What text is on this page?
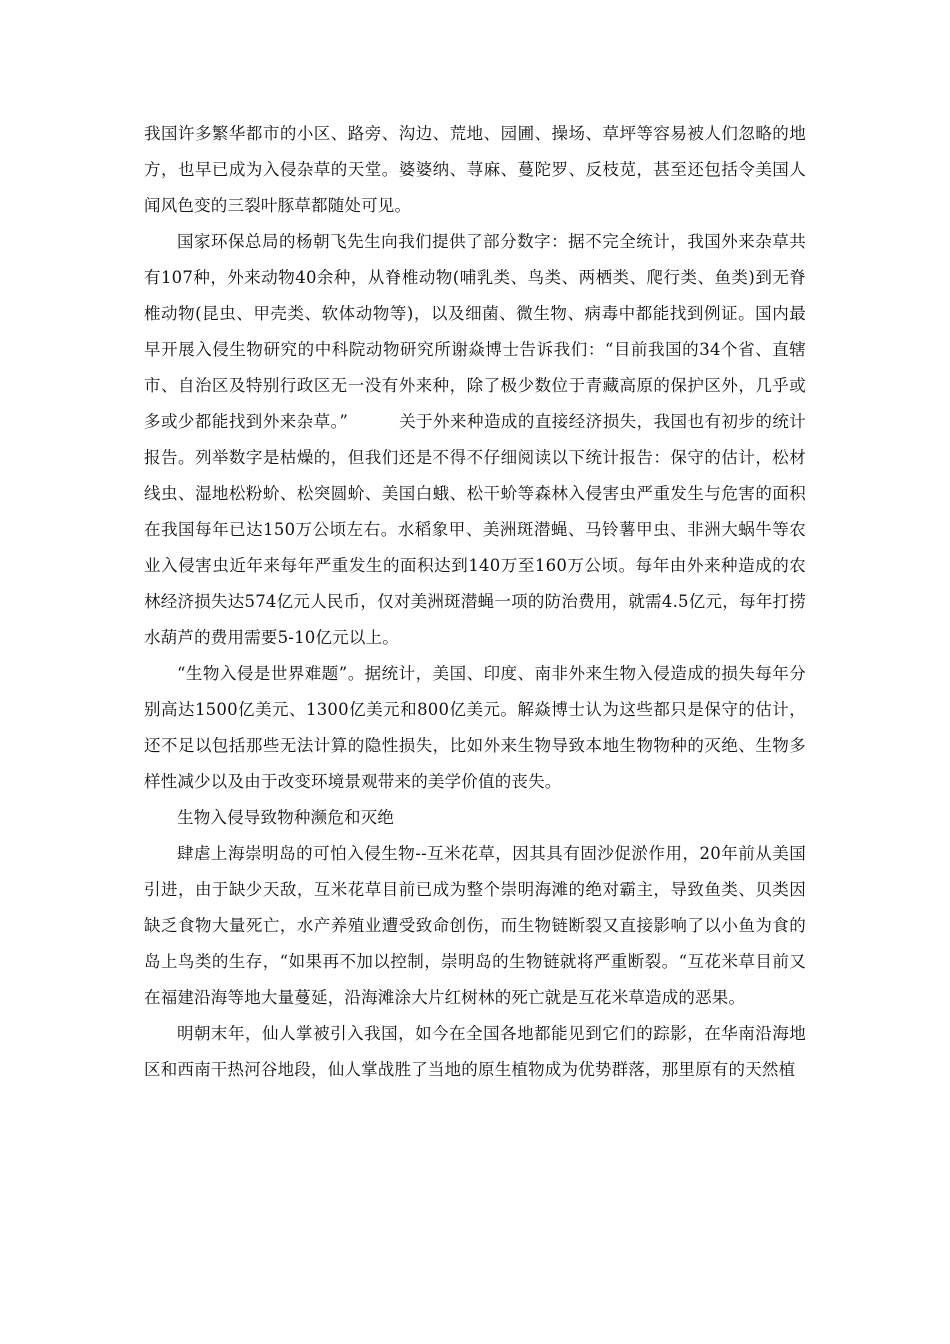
我国许多繁华都市的小区、路旁、沟边、荒地、园圃、操场、草坪等容易被人们忽略的地方，也早已成为入侵杂草的天堂。婆婆纳、荨麻、蔓陀罗、反枝苋，甚至还包括令美国人闻风色变的三裂叶豚草都随处可见。

国家环保总局的杨朝飞先生向我们提供了部分数字：据不完全统计，我国外来杂草共有107种，外来动物40余种，从脊椎动物(哺乳类、鸟类、两栖类、爬行类、鱼类)到无脊椎动物(昆虫、甲壳类、软体动物等)，以及细菌、微生物、病毒中都能找到例证。国内最早开展入侵生物研究的中科院动物研究所谢焱博士告诉我们：“目前我国的34个省、直辖市、自治区及特别行政区无一没有外来种，除了极少数位于青藏高原的保护区外，几乎或多或少都能找到外来杂草。”　　　关于外来种造成的直接经济损失，我国也有初步的统计报告。列举数字是枯燥的，但我们还是不得不仔细阅读以下统计报告：保守的估计，松材线虫、湿地松粉蚧、松突圆蚧、美国白蛾、松干蚧等森林入侵害虫严重发生与危害的面积在我国每年已达150万公顷左右。水稻象甲、美洲斑潜蝇、马铃薯甲虫、非洲大蜗牛等农业入侵害虫近年来每年严重发生的面积达到140万至160万公顷。每年由外来种造成的农林经济损失达574亿元人民币，仅对美洲斑潜蝇一项的防治费用，就需4.5亿元，每年打捞水葫芦的费用需要5-10亿元以上。

“生物入侵是世界难题”。据统计，美国、印度、南非外来生物入侵造成的损失每年分别高达1500亿美元、1300亿美元和800亿美元。解焱博士认为这些都只是保守的估计，还不足以包括那些无法计算的隐性损失，比如外来生物导致本地生物物种的灭绝、生物多样性减少以及由于改变环境景观带来的美学价值的丧失。

生物入侵导致物种濒危和灭绝

肆虐上海崇明岛的可怕入侵生物--互米花草，因其具有固沙促淤作用，20年前从美国引进，由于缺少天敌，互米花草目前已成为整个崇明海滩的绝对霸主，导致鱼类、贝类因缺乏食物大量死亡，水产养殖业遭受致命创伤，而生物链断裂又直接影响了以小鱼为食的岛上鸟类的生存，“如果再不加以控制，崇明岛的生物链就将严重断裂。“互花米草目前又在福建沿海等地大量蔓延，沿海滩涂大片红树林的死亡就是互花米草造成的恶果。

明朝末年，仙人掌被引入我国，如今在全国各地都能见到它们的踪影，在华南沿海地区和西南干热河谷地段，仙人掌战胜了当地的原生植物成为优势群落，那里原有的天然植
